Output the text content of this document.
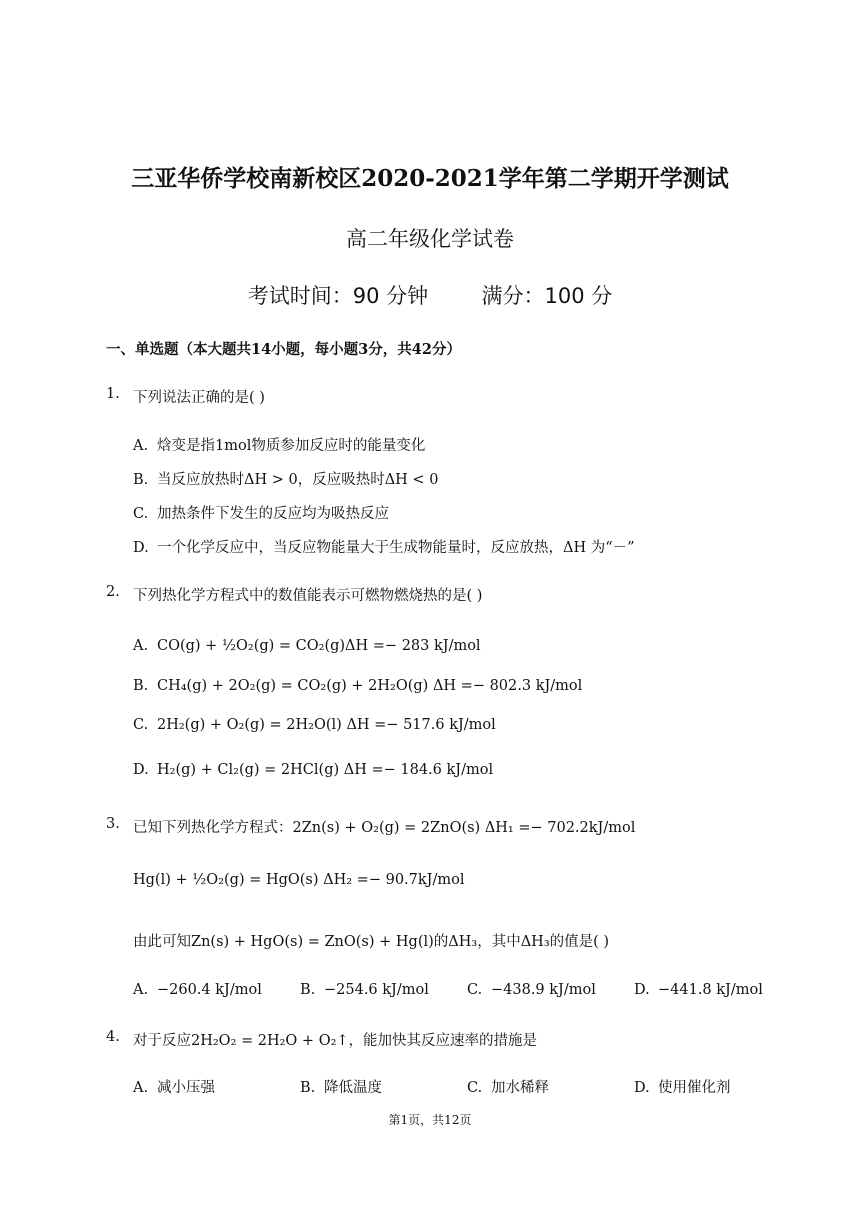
三亚华侨学校南新校区2020-2021学年第二学期开学测试
高二年级化学试卷
考试时间：90 分钟	满分：100 分
一、单选题（本大题共14小题，每小题3分，共42分）
1. 下列说法正确的是( )
A. 焓变是指1mol物质参加反应时的能量变化
B. 当反应放热时ΔH > 0，反应吸热时ΔH < 0
C. 加热条件下发生的反应均为吸热反应
D. 一个化学反应中，当反应物能量大于生成物能量时，反应放热，ΔH 为“－”
2. 下列热化学方程式中的数值能表示可燃物燃烧热的是( )
A. CO(g) + ½O₂(g) = CO₂(g)ΔH =− 283 kJ/mol
B. CH₄(g) + 2O₂(g) = CO₂(g) + 2H₂O(g) ΔH =− 802.3 kJ/mol
C. 2H₂(g) + O₂(g) = 2H₂O(l) ΔH =− 517.6 kJ/mol
D. H₂(g) + Cl₂(g) = 2HCl(g) ΔH =− 184.6 kJ/mol
3. 已知下列热化学方程式：2Zn(s) + O₂(g) = 2ZnO(s) ΔH₁ =− 702.2kJ/mol
Hg(l) + ½O₂(g) = HgO(s) ΔH₂ =− 90.7kJ/mol
由此可知Zn(s) + HgO(s) = ZnO(s) + Hg(l)的ΔH₃，其中ΔH₃的值是( )
A. −260.4 kJ/mol	B. −254.6 kJ/mol	C. −438.9 kJ/mol	D. −441.8 kJ/mol
4. 对于反应2H₂O₂ = 2H₂O + O₂↑，能加快其反应速率的措施是
A. 减小压强	B. 降低温度	C. 加水稀释	D. 使用催化剂
第1页，共12页
